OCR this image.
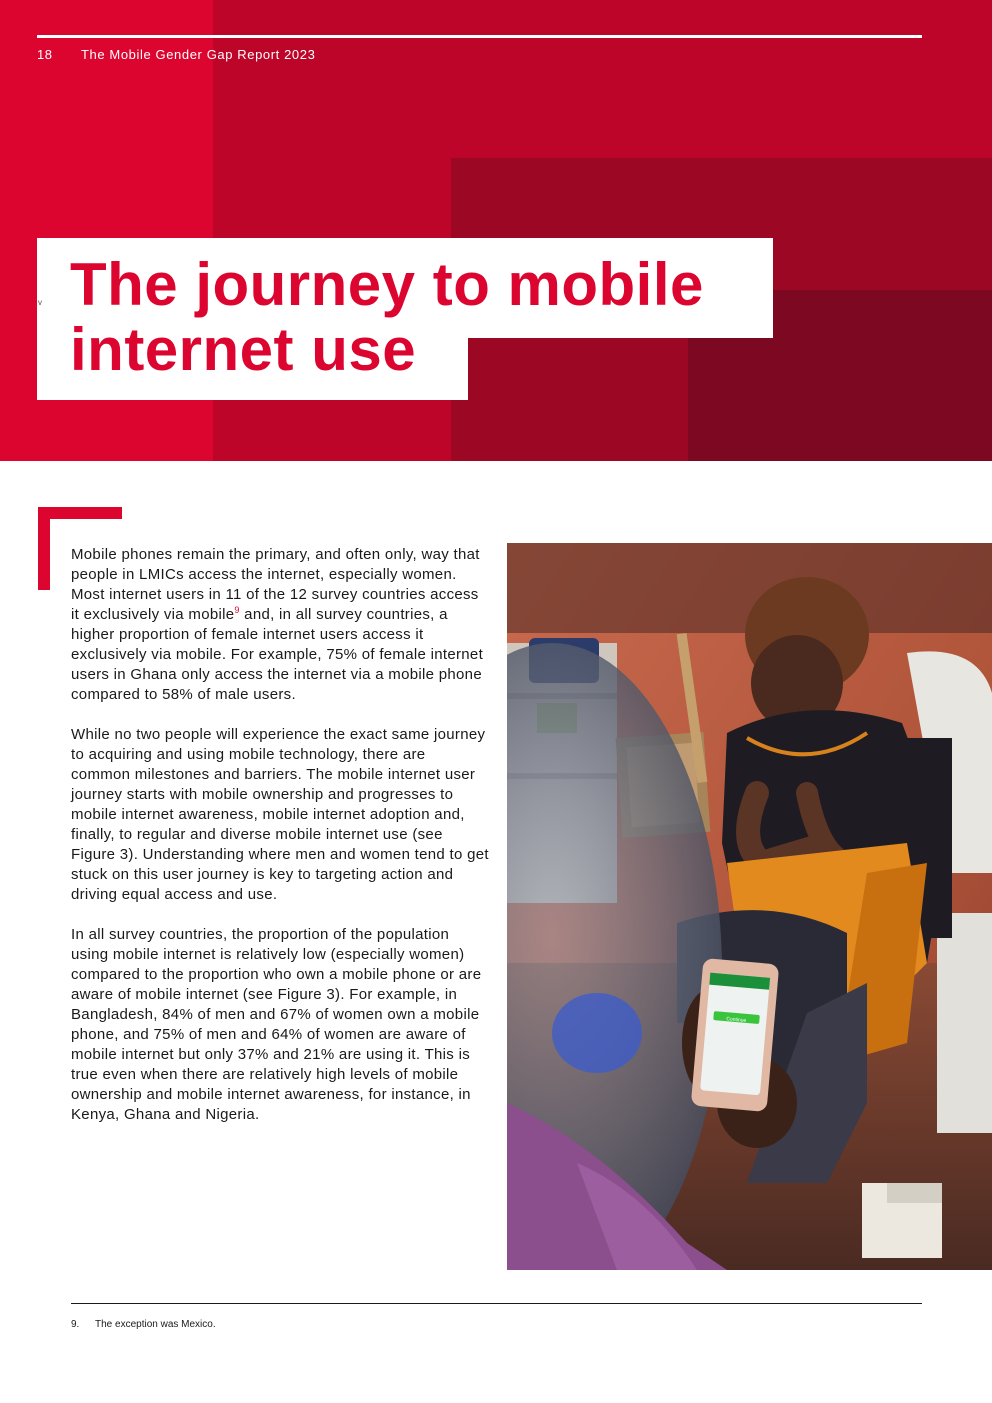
18 The Mobile Gender Gap Report 2023
v The journey to mobile
internet use

Mobile phones remain the primary, and often only, way that people in LMICs access the internet, especially women. Most internet users in 11 of the 12 survey countries access it exclusively via mobile$^9$ and, in all survey countries, a higher proportion of female internet users access it exclusively via mobile. For example, 75% of female internet users in Ghana only access the internet via a mobile phone compared to 58% of male users.

While no two people will experience the exact same journey to acquiring and using mobile technology, there are common milestones and barriers. The mobile internet user journey starts with mobile ownership and progresses to mobile internet awareness, mobile internet adoption and, finally, to regular and diverse mobile internet use (see Figure 3). Understanding where men and women tend to get stuck on this user journey is key to targeting action and driving equal access and use.

In all survey countries, the proportion of the population using mobile internet is relatively low (especially women) compared to the proportion who own a mobile phone or are aware of mobile internet (see Figure 3). For example, in Bangladesh, 84% of men and 67% of women own a mobile phone, and 75% of men and 64% of women are aware of mobile internet but only 37% and 21% are using it. This is true even when there are relatively high levels of mobile ownership and mobile internet awareness, for instance, in Kenya, Ghana and Nigeria.

Continue
9. The exception was Mexico.
